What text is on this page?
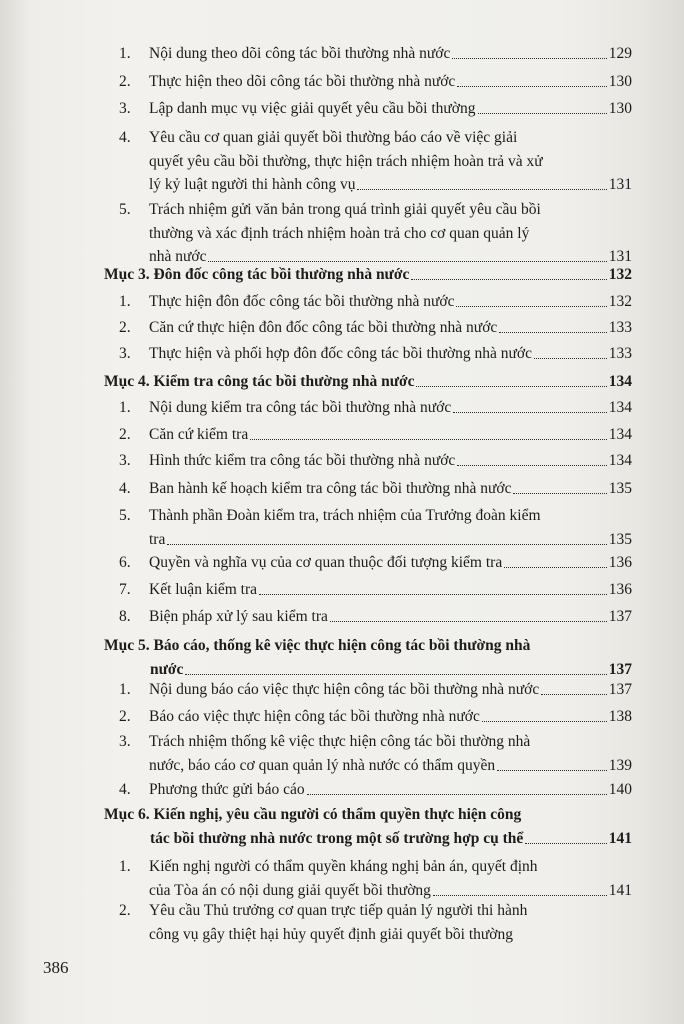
1. Nội dung theo dõi công tác bồi thường nhà nước	129
2. Thực hiện theo dõi công tác bồi thường nhà nước	130
3. Lập danh mục vụ việc giải quyết yêu cầu bồi thường	130
4. Yêu cầu cơ quan giải quyết bồi thường báo cáo về việc giải
quyết yêu cầu bồi thường, thực hiện trách nhiệm hoàn trả và xử
lý kỷ luật người thi hành công vụ	131
5. Trách nhiệm gửi văn bản trong quá trình giải quyết yêu cầu bồi
thường và xác định trách nhiệm hoàn trả cho cơ quan quản lý
nhà nước	131
Mục 3. Đôn đốc công tác bồi thường nhà nước	132
1. Thực hiện đôn đốc công tác bồi thường nhà nước	132
2. Căn cứ thực hiện đôn đốc công tác bồi thường nhà nước	133
3. Thực hiện và phối hợp đôn đốc công tác bồi thường nhà nước	133
Mục 4. Kiểm tra công tác bồi thường nhà nước	134
1. Nội dung kiểm tra công tác bồi thường nhà nước	134
2. Căn cứ kiểm tra	134
3. Hình thức kiểm tra công tác bồi thường nhà nước	134
4. Ban hành kế hoạch kiểm tra công tác bồi thường nhà nước	135
5. Thành phần Đoàn kiểm tra, trách nhiệm của Trưởng đoàn kiểm
tra	135
6. Quyền và nghĩa vụ của cơ quan thuộc đối tượng kiểm tra	136
7. Kết luận kiểm tra	136
8. Biện pháp xử lý sau kiểm tra	137
Mục 5. Báo cáo, thống kê việc thực hiện công tác bồi thường nhà
nước	137
1. Nội dung báo cáo việc thực hiện công tác bồi thường nhà nước	137
2. Báo cáo việc thực hiện công tác bồi thường nhà nước	138
3. Trách nhiệm thống kê việc thực hiện công tác bồi thường nhà
nước, báo cáo cơ quan quản lý nhà nước có thẩm quyền	139
4. Phương thức gửi báo cáo	140
Mục 6. Kiến nghị, yêu cầu người có thẩm quyền thực hiện công
tác bồi thường nhà nước trong một số trường hợp cụ thể	141
1. Kiến nghị người có thẩm quyền kháng nghị bản án, quyết định
của Tòa án có nội dung giải quyết bồi thường	141
2. Yêu cầu Thủ trưởng cơ quan trực tiếp quản lý người thi hành
công vụ gây thiệt hại hủy quyết định giải quyết bồi thường
386
